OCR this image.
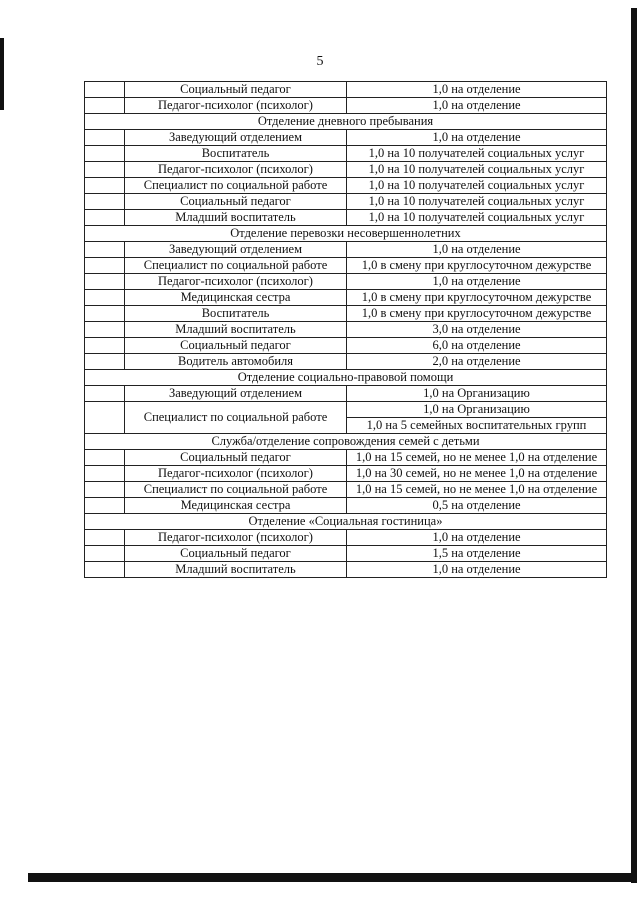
5
	Социальный педагог	1,0 на отделение
	Педагог-психолог (психолог)	1,0 на отделение
Отделение дневного пребывания		
	Заведующий отделением	1,0 на отделение
	Воспитатель	1,0 на 10 получателей социальных услуг
	Педагог-психолог (психолог)	1,0 на 10 получателей социальных услуг
	Специалист по социальной работе	1,0 на 10 получателей социальных услуг
	Социальный педагог	1,0 на 10 получателей социальных услуг
	Младший воспитатель	1,0 на 10 получателей социальных услуг
Отделение перевозки несовершеннолетних		
	Заведующий отделением	1,0 на отделение
	Специалист по социальной работе	1,0 в смену при круглосуточном дежурстве
	Педагог-психолог (психолог)	1,0 на отделение
	Медицинская сестра	1,0 в смену при круглосуточном дежурстве
	Воспитатель	1,0 в смену при круглосуточном дежурстве
	Младший воспитатель	3,0 на отделение
	Социальный педагог	6,0 на отделение
	Водитель автомобиля	2,0 на отделение
Отделение социально-правовой помощи		
	Заведующий отделением	1,0 на Организацию
	Специалист по социальной работе	1,0 на Организацию
		1,0 на 5 семейных воспитательных групп
Служба/отделение сопровождения семей с детьми		
	Социальный педагог	1,0 на 15 семей, но не менее 1,0 на отделение
	Педагог-психолог (психолог)	1,0 на 30 семей, но не менее 1,0 на отделение
	Специалист по социальной работе	1,0 на 15 семей, но не менее 1,0 на отделение
	Медицинская сестра	0,5 на отделение
Отделение «Социальная гостиница»		
	Педагог-психолог (психолог)	1,0 на отделение
	Социальный педагог	1,5 на отделение
	Младший воспитатель	1,0 на отделение
